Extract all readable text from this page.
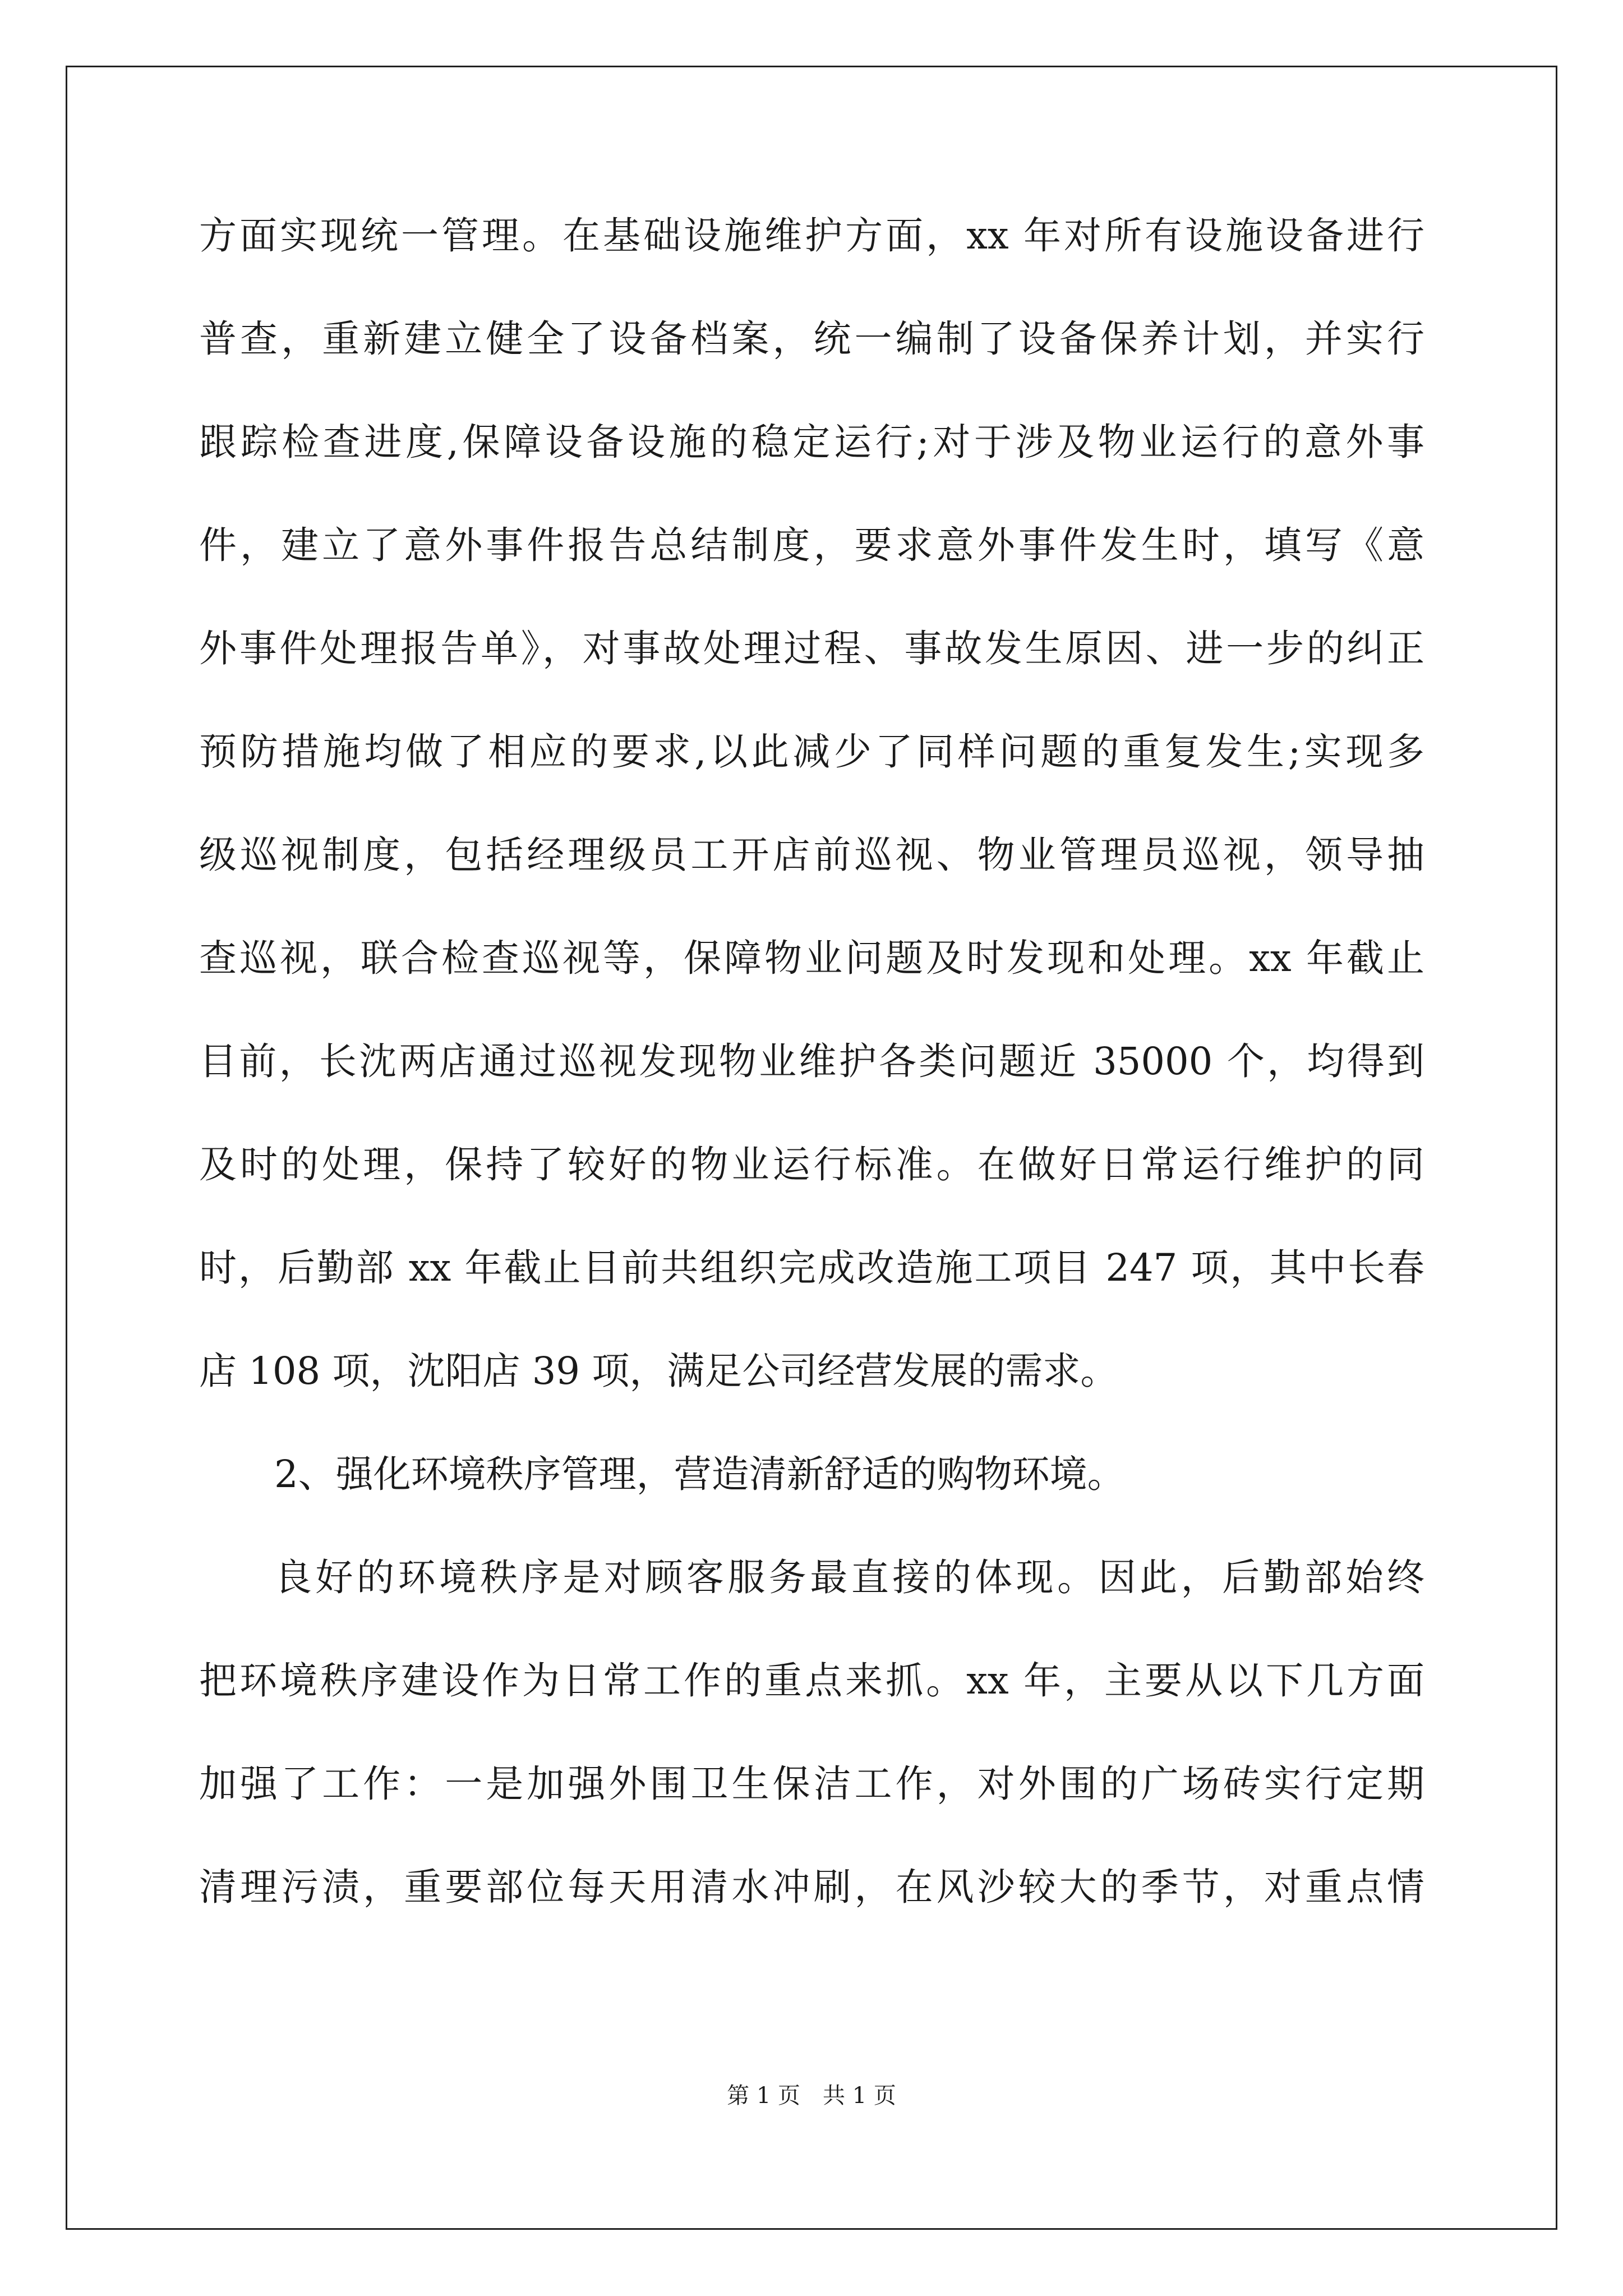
方面实现统一管理。在基础设施维护方面，xx 年对所有设施设备进行
普查，重新建立健全了设备档案，统一编制了设备保养计划，并实行
跟踪检查进度,保障设备设施的稳定运行;对于涉及物业运行的意外事
件，建立了意外事件报告总结制度，要求意外事件发生时，填写《意
外事件处理报告单》，对事故处理过程、事故发生原因、进一步的纠正
预防措施均做了相应的要求,以此减少了同样问题的重复发生;实现多
级巡视制度，包括经理级员工开店前巡视、物业管理员巡视，领导抽
查巡视，联合检查巡视等，保障物业问题及时发现和处理。xx 年截止
目前，长沈两店通过巡视发现物业维护各类问题近 35000 个，均得到
及时的处理，保持了较好的物业运行标准。在做好日常运行维护的同
时，后勤部 xx 年截止目前共组织完成改造施工项目 247 项，其中长春
店 108 项，沈阳店 39 项，满足公司经营发展的需求。
2、强化环境秩序管理，营造清新舒适的购物环境。
良好的环境秩序是对顾客服务最直接的体现。因此，后勤部始终
把环境秩序建设作为日常工作的重点来抓。xx 年，主要从以下几方面
加强了工作：一是加强外围卫生保洁工作，对外围的广场砖实行定期
清理污渍，重要部位每天用清水冲刷，在风沙较大的季节，对重点情
第 1 页 共 1 页
